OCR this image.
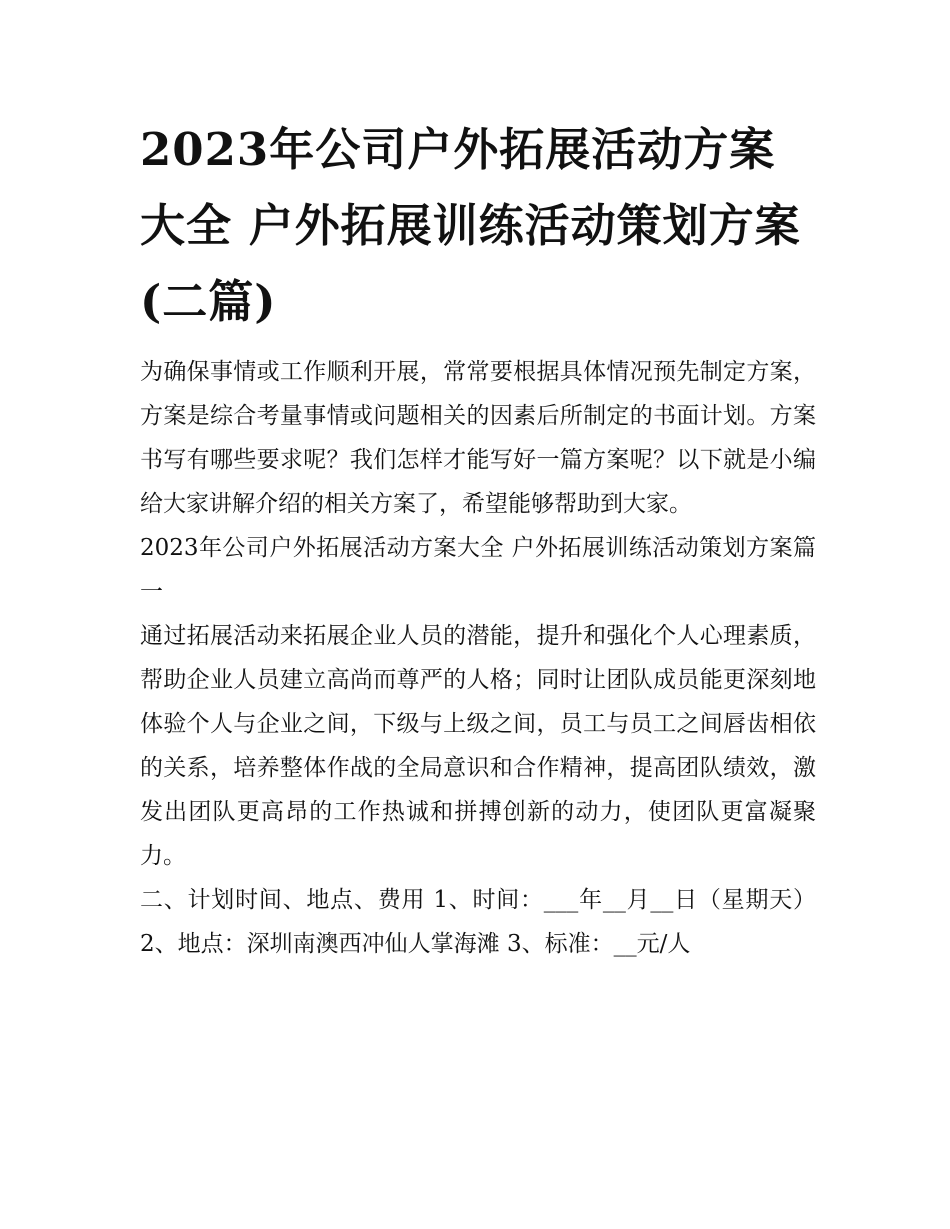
2023年公司户外拓展活动方案大全 户外拓展训练活动策划方案(二篇)

为确保事情或工作顺利开展，常常要根据具体情况预先制定方案，方案是综合考量事情或问题相关的因素后所制定的书面计划。方案书写有哪些要求呢？我们怎样才能写好一篇方案呢？以下就是小编给大家讲解介绍的相关方案了，希望能够帮助到大家。

2023年公司户外拓展活动方案大全 户外拓展训练活动策划方案篇一

通过拓展活动来拓展企业人员的潜能，提升和强化个人心理素质，帮助企业人员建立高尚而尊严的人格；同时让团队成员能更深刻地体验个人与企业之间，下级与上级之间，员工与员工之间唇齿相依的关系，培养整体作战的全局意识和合作精神，提高团队绩效，激发出团队更高昂的工作热诚和拼搏创新的动力，使团队更富凝聚力。

二、计划时间、地点、费用 1、时间：___年__月__日（星期天） 2、地点：深圳南澳西冲仙人掌海滩 3、标准：__元/人
